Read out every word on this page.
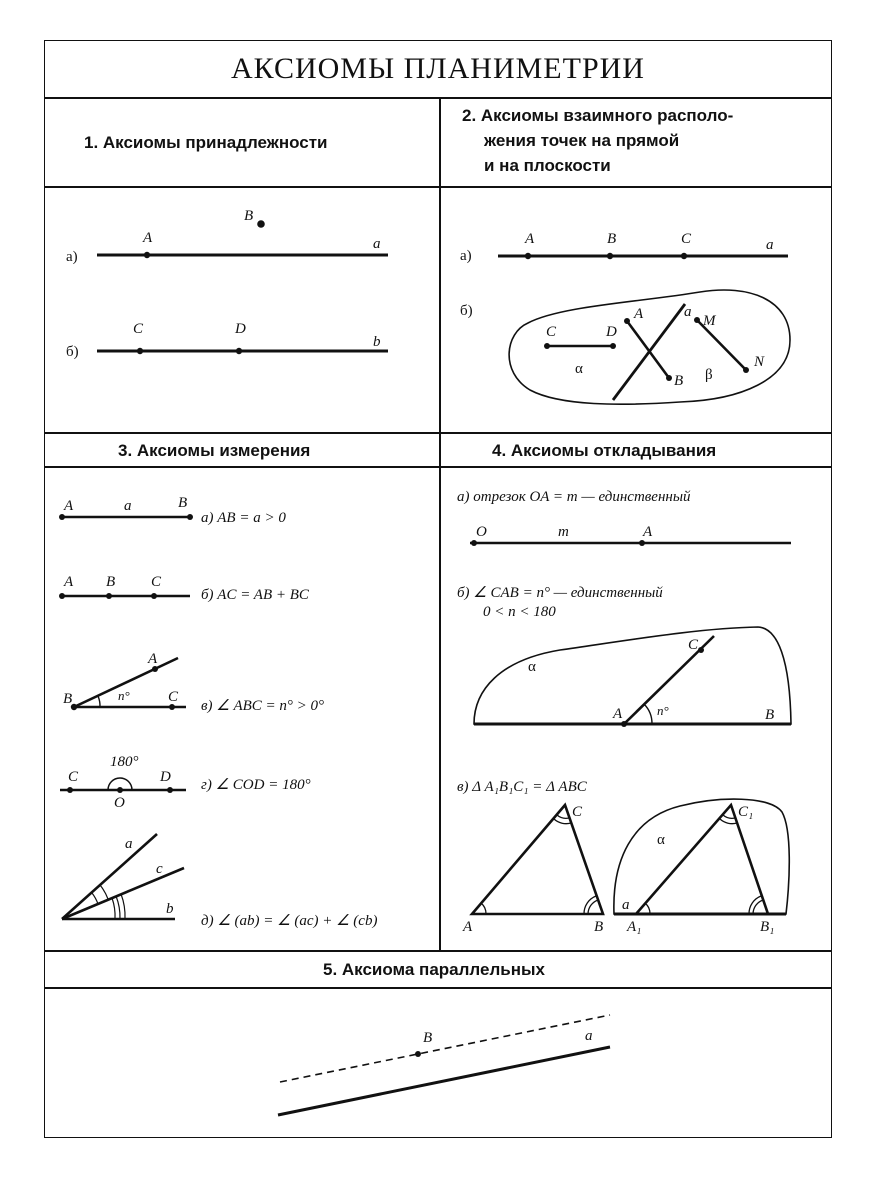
АКСИОМЫ ПЛАНИМЕТРИИ
1. Аксиомы принадлежности
2. Аксиомы взаимного располо-
жения точек на прямой
и на плоскости
3. Аксиомы измерения	4. Аксиомы откладывания
5. Аксиома параллельных
а)
A
B
a
б)
C	D
b
а)
A	B	C	a
б)
C	D
A
B
a
M
N
α	β
A	a	B
а) AB = a > 0
A B C
б) AC = AB + BC
A
B	C
n°
в) ∠ ABC = n° > 0°
C	D
O
180°
г) ∠ COD = 180°
a
c
b
д) ∠ (ab) = ∠ (ac) + ∠ (cb)
а) отрезок OA = m — единственный
O	m	A
б) ∠ CAB = n° — единственный
0 < n < 180
α
C
A	B
n°
в) Δ A₁B₁C₁ = Δ ABC
A	B
C
α
a
A₁	B₁
C₁
B	a
